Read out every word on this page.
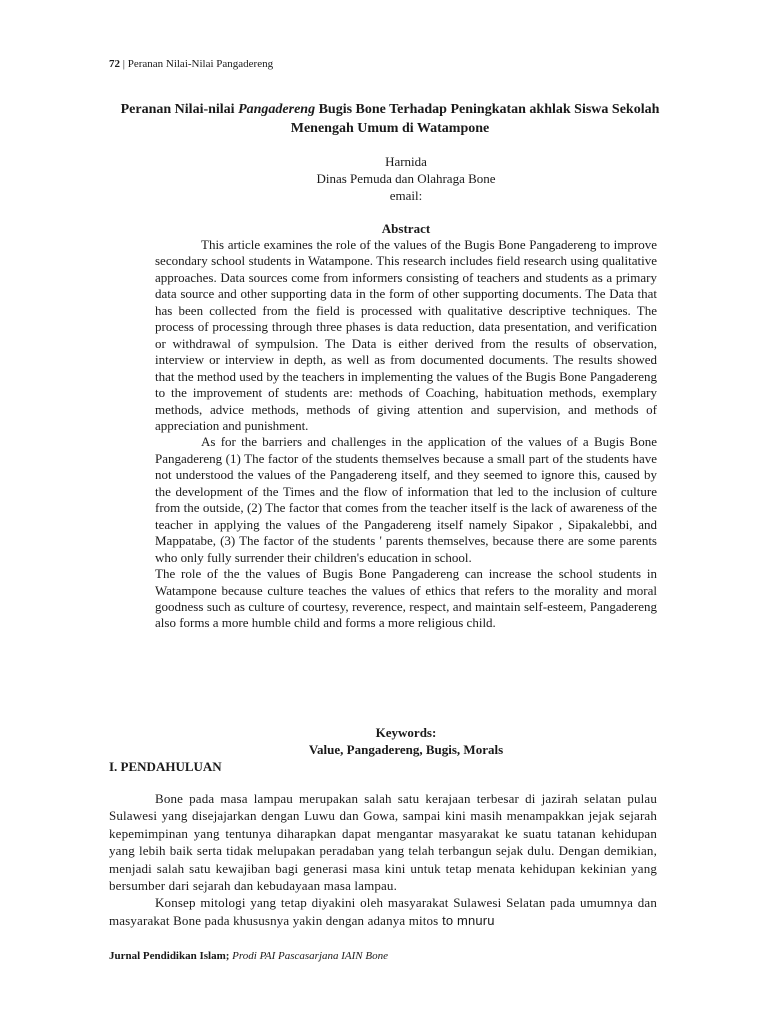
72 | Peranan Nilai-Nilai Pangadereng
Peranan Nilai-nilai Pangadereng Bugis Bone Terhadap Peningkatan akhlak Siswa Sekolah Menengah Umum di Watampone
Harnida
Dinas Pemuda dan Olahraga Bone
email:
Abstract

This article examines the role of the values of the Bugis Bone Pangadereng to improve secondary school students in Watampone. This research includes field research using qualitative approaches. Data sources come from informers consisting of teachers and students as a primary data source and other supporting data in the form of other supporting documents. The Data that has been collected from the field is processed with qualitative descriptive techniques. The process of processing through three phases is data reduction, data presentation, and verification or withdrawal of sympulsion. The Data is either derived from the results of observation, interview or interview in depth, as well as from documented documents. The results showed that the method used by the teachers in implementing the values of the Bugis Bone Pangadereng to the improvement of students are: methods of Coaching, habituation methods, exemplary methods, advice methods, methods of giving attention and supervision, and methods of appreciation and punishment.

As for the barriers and challenges in the application of the values of a Bugis Bone Pangadereng (1) The factor of the students themselves because a small part of the students have not understood the values of the Pangadereng itself, and they seemed to ignore this, caused by the development of the Times and the flow of information that led to the inclusion of culture from the outside, (2) The factor that comes from the teacher itself is the lack of awareness of the teacher in applying the values of the Pangadereng itself namely Sipakor , Sipakalebbi, and Mappatabe, (3) The factor of the students ' parents themselves, because there are some parents who only fully surrender their children's education in school.

The role of the the values of Bugis Bone Pangadereng can increase the school students in Watampone because culture teaches the values of ethics that refers to the morality and moral goodness such as culture of courtesy, reverence, respect, and maintain self-esteem, Pangadereng also forms a more humble child and forms a more religious child.

Keywords:
Value, Pangadereng, Bugis, Morals
I. PENDAHULUAN

Bone pada masa lampau merupakan salah satu kerajaan terbesar di jazirah selatan pulau Sulawesi yang disejajarkan dengan Luwu dan Gowa, sampai kini masih menampakkan jejak sejarah kepemimpinan yang tentunya diharapkan dapat mengantar masyarakat ke suatu tatanan kehidupan yang lebih baik serta tidak melupakan peradaban yang telah terbangun sejak dulu. Dengan demikian, menjadi salah satu kewajiban bagi generasi masa kini untuk tetap menata kehidupan kekinian yang bersumber dari sejarah dan kebudayaan masa lampau.

Konsep mitologi yang tetap diyakini oleh masyarakat Sulawesi Selatan pada umumnya dan masyarakat Bone pada khususnya yakin dengan adanya mitos to mnuru

Jurnal Pendidikan Islam; Prodi PAI Pascasarjana IAIN Bone
